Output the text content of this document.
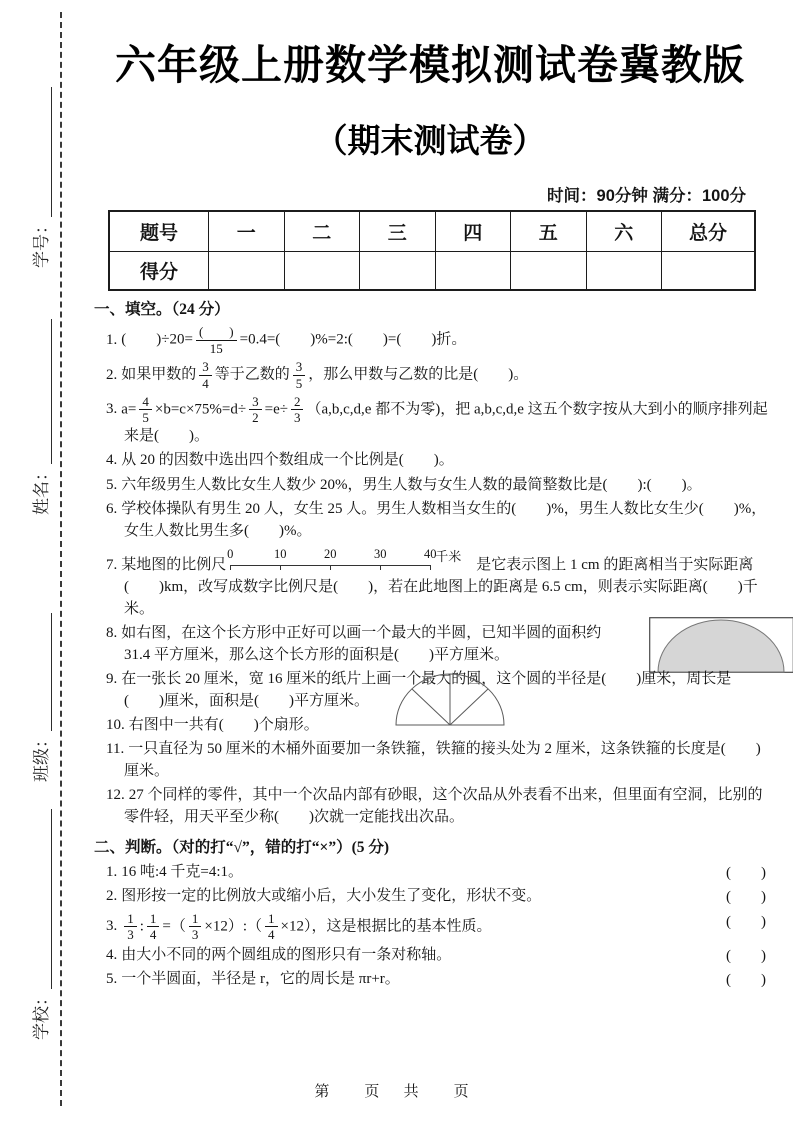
学号：
姓名：
班级：
学校：
六年级上册数学模拟测试卷冀教版
（期末测试卷）
时间：90分钟 满分：100分
题号	一	二	三	四	五	六	总分
得分							
一、填空。（24 分）
1. (　　)$\div 20= \frac{( )}{15} =0.4=$(　　)%=2:(　　)=(　　)折。
2. 如果甲数的 $\frac{3}{4}$ 等于乙数的 $\frac{3}{5}$ ，那么甲数与乙数的比是(　　)。
3. $a= \frac{4}{5} \times b=c\times 75\%=d\div \frac{3}{2} =e\div \frac{2}{3} (a,b,c,d,e$ 都不为零)，把 a,b,c,d,e 这五个数字按从大到小的顺序排列起来是(　　)。
4. 从 20 的因数中选出四个数组成一个比例是(　　)。
5. 六年级男生人数比女生人数少 20%，男生人数与女生人数的最简整数比是(　　):(　　)。
6. 学校体操队有男生 20 人，女生 25 人。男生人数相当女生的(　　)%，男生人数比女生少(　　)%，女生人数比男生多(　　)%。
7. 某地图的比例尺
0	10	20	30	40
千米
是它表示图上 1 cm 的距离相当于实际距离 (　　)km，改写成数字比例尺是(　　)，若在此地图上的距离是 6.5 cm，则表示实际距离(　　)千米。
8. 如右图，在这个长方形中正好可以画一个最大的半圆，已知半圆的面积约 31.4 平方厘米，那么这个长方形的面积是(　　)平方厘米。
9. 在一张长 20 厘米，宽 16 厘米的纸片上画一个最大的圆，这个圆的半径是(　　)厘米，周长是(　　)厘米，面积是(　　)平方厘米。
10. 右图中一共有(　　)个扇形。
11. 一只直径为 50 厘米的木桶外面要加一条铁箍，铁箍的接头处为 2 厘米，这条铁箍的长度是(　　)厘米。
12. 27 个同样的零件，其中一个次品内部有砂眼，这个次品从外表看不出来，但里面有空洞，比别的零件轻，用天平至少称(　　)次就一定能找出次品。
二、判断。（对的打“√”，错的打“×”）(5 分)
1. 16 吨:4 千克=4:1。	(　　)
2. 图形按一定的比例放大或缩小后，大小发生了变化，形状不变。	(　　)
3. $\frac{1}{3}$ : $\frac{1}{4}$ =（ $\frac{1}{3}$ ×12）:（ $\frac{1}{4} \times 12$），这是根据比的基本性质。	(　　)
4. 由大小不同的两个圆组成的图形只有一条对称轴。	(　　)
5. 一个半圆面，半径是 r，它的周长是 πr+r。	(　　)
第　页 共　页
